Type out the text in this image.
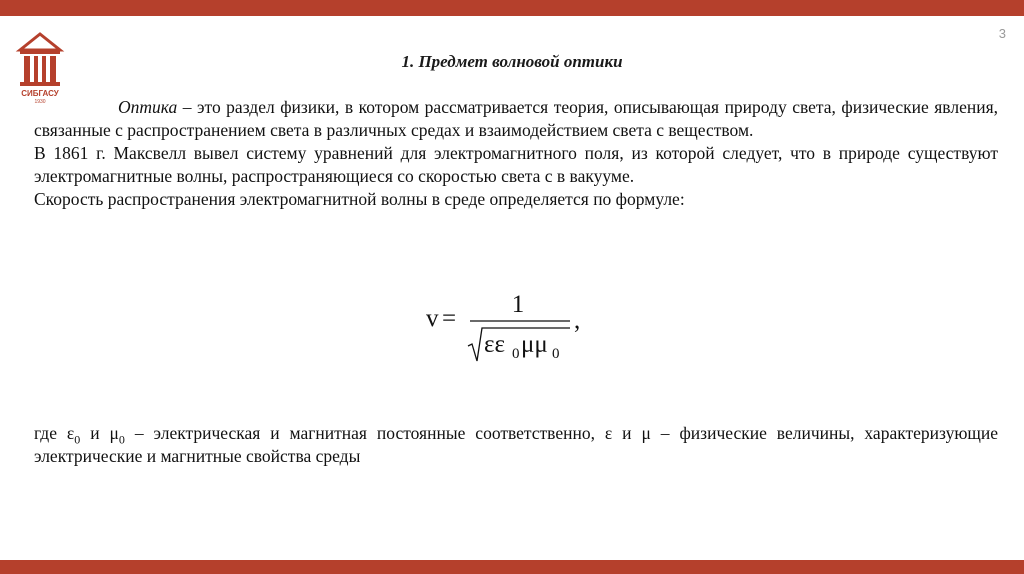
СИБГАСУ
1930
3
1. Предмет волновой оптики

Оптика – это раздел физики, в котором рассматривается теория, описывающая природу света, физические явления, связанные с распространением света в различных средах и взаимодействием света с веществом.

В 1861 г. Максвелл вывел систему уравнений для электромагнитного поля, из которой следует, что в природе существуют электромагнитные волны, распространяющиеся со скоростью света с в вакууме.

Скорость распространения электромагнитной волны в среде определяется по формуле:

v =
1
εε 0 μμ 0
,

где $\varepsilon_0$ и $\mu_0$ – электрическая и магнитная постоянные соответственно, ε и μ – физические величины, характеризующие электрические и магнитные свойства среды
